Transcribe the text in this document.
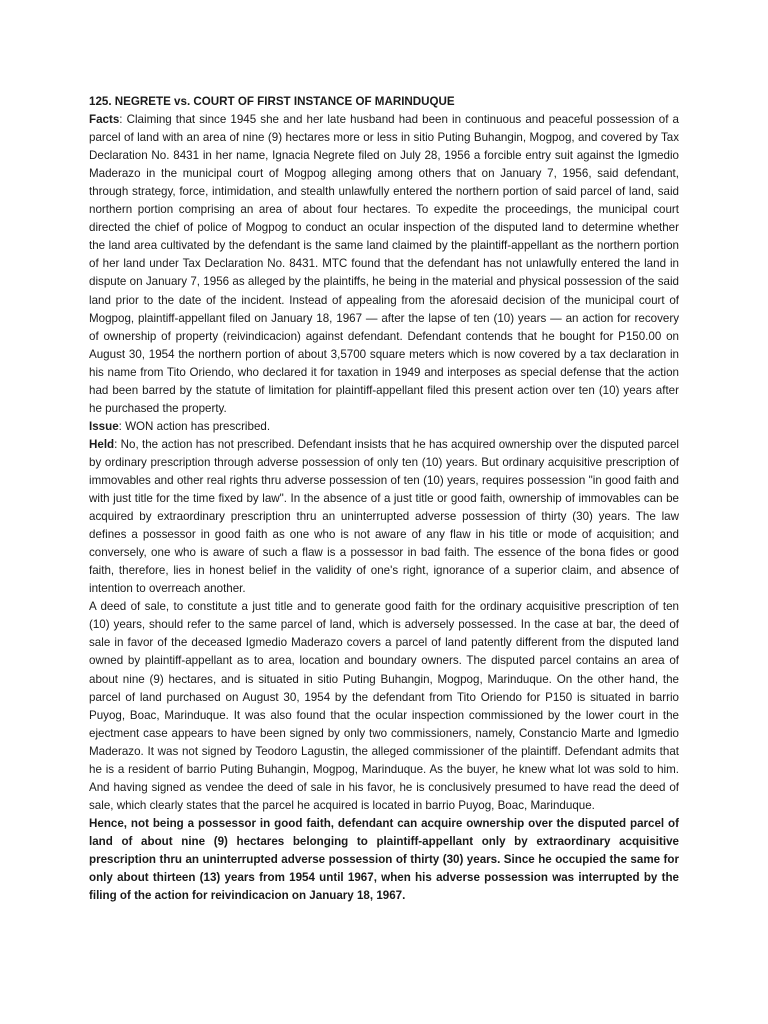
125. NEGRETE vs. COURT OF FIRST INSTANCE OF MARINDUQUE

Facts: Claiming that since 1945 she and her late husband had been in continuous and peaceful possession of a parcel of land with an area of nine (9) hectares more or less in sitio Puting Buhangin, Mogpog, and covered by Tax Declaration No. 8431 in her name, Ignacia Negrete filed on July 28, 1956 a forcible entry suit against the Igmedio Maderazo in the municipal court of Mogpog alleging among others that on January 7, 1956, said defendant, through strategy, force, intimidation, and stealth unlawfully entered the northern portion of said parcel of land, said northern portion comprising an area of about four hectares. To expedite the proceedings, the municipal court directed the chief of police of Mogpog to conduct an ocular inspection of the disputed land to determine whether the land area cultivated by the defendant is the same land claimed by the plaintiff-appellant as the northern portion of her land under Tax Declaration No. 8431. MTC found that the defendant has not unlawfully entered the land in dispute on January 7, 1956 as alleged by the plaintiffs, he being in the material and physical possession of the said land prior to the date of the incident. Instead of appealing from the aforesaid decision of the municipal court of Mogpog, plaintiff-appellant filed on January 18, 1967 — after the lapse of ten (10) years — an action for recovery of ownership of property (reivindicacion) against defendant. Defendant contends that he bought for P150.00 on August 30, 1954 the northern portion of about 3,5700 square meters which is now covered by a tax declaration in his name from Tito Oriendo, who declared it for taxation in 1949 and interposes as special defense that the action had been barred by the statute of limitation for plaintiff-appellant filed this present action over ten (10) years after he purchased the property.

Issue: WON action has prescribed.

Held: No, the action has not prescribed. Defendant insists that he has acquired ownership over the disputed parcel by ordinary prescription through adverse possession of only ten (10) years. But ordinary acquisitive prescription of immovables and other real rights thru adverse possession of ten (10) years, requires possession "in good faith and with just title for the time fixed by law". In the absence of a just title or good faith, ownership of immovables can be acquired by extraordinary prescription thru an uninterrupted adverse possession of thirty (30) years. The law defines a possessor in good faith as one who is not aware of any flaw in his title or mode of acquisition; and conversely, one who is aware of such a flaw is a possessor in bad faith. The essence of the bona fides or good faith, therefore, lies in honest belief in the validity of one's right, ignorance of a superior claim, and absence of intention to overreach another.

A deed of sale, to constitute a just title and to generate good faith for the ordinary acquisitive prescription of ten (10) years, should refer to the same parcel of land, which is adversely possessed. In the case at bar, the deed of sale in favor of the deceased Igmedio Maderazo covers a parcel of land patently different from the disputed land owned by plaintiff-appellant as to area, location and boundary owners. The disputed parcel contains an area of about nine (9) hectares, and is situated in sitio Puting Buhangin, Mogpog, Marinduque. On the other hand, the parcel of land purchased on August 30, 1954 by the defendant from Tito Oriendo for P150 is situated in barrio Puyog, Boac, Marinduque. It was also found that the ocular inspection commissioned by the lower court in the ejectment case appears to have been signed by only two commissioners, namely, Constancio Marte and Igmedio Maderazo. It was not signed by Teodoro Lagustin, the alleged commissioner of the plaintiff. Defendant admits that he is a resident of barrio Puting Buhangin, Mogpog, Marinduque. As the buyer, he knew what lot was sold to him. And having signed as vendee the deed of sale in his favor, he is conclusively presumed to have read the deed of sale, which clearly states that the parcel he acquired is located in barrio Puyog, Boac, Marinduque.

Hence, not being a possessor in good faith, defendant can acquire ownership over the disputed parcel of land of about nine (9) hectares belonging to plaintiff-appellant only by extraordinary acquisitive prescription thru an uninterrupted adverse possession of thirty (30) years. Since he occupied the same for only about thirteen (13) years from 1954 until 1967, when his adverse possession was interrupted by the filing of the action for reivindicacion on January 18, 1967.
